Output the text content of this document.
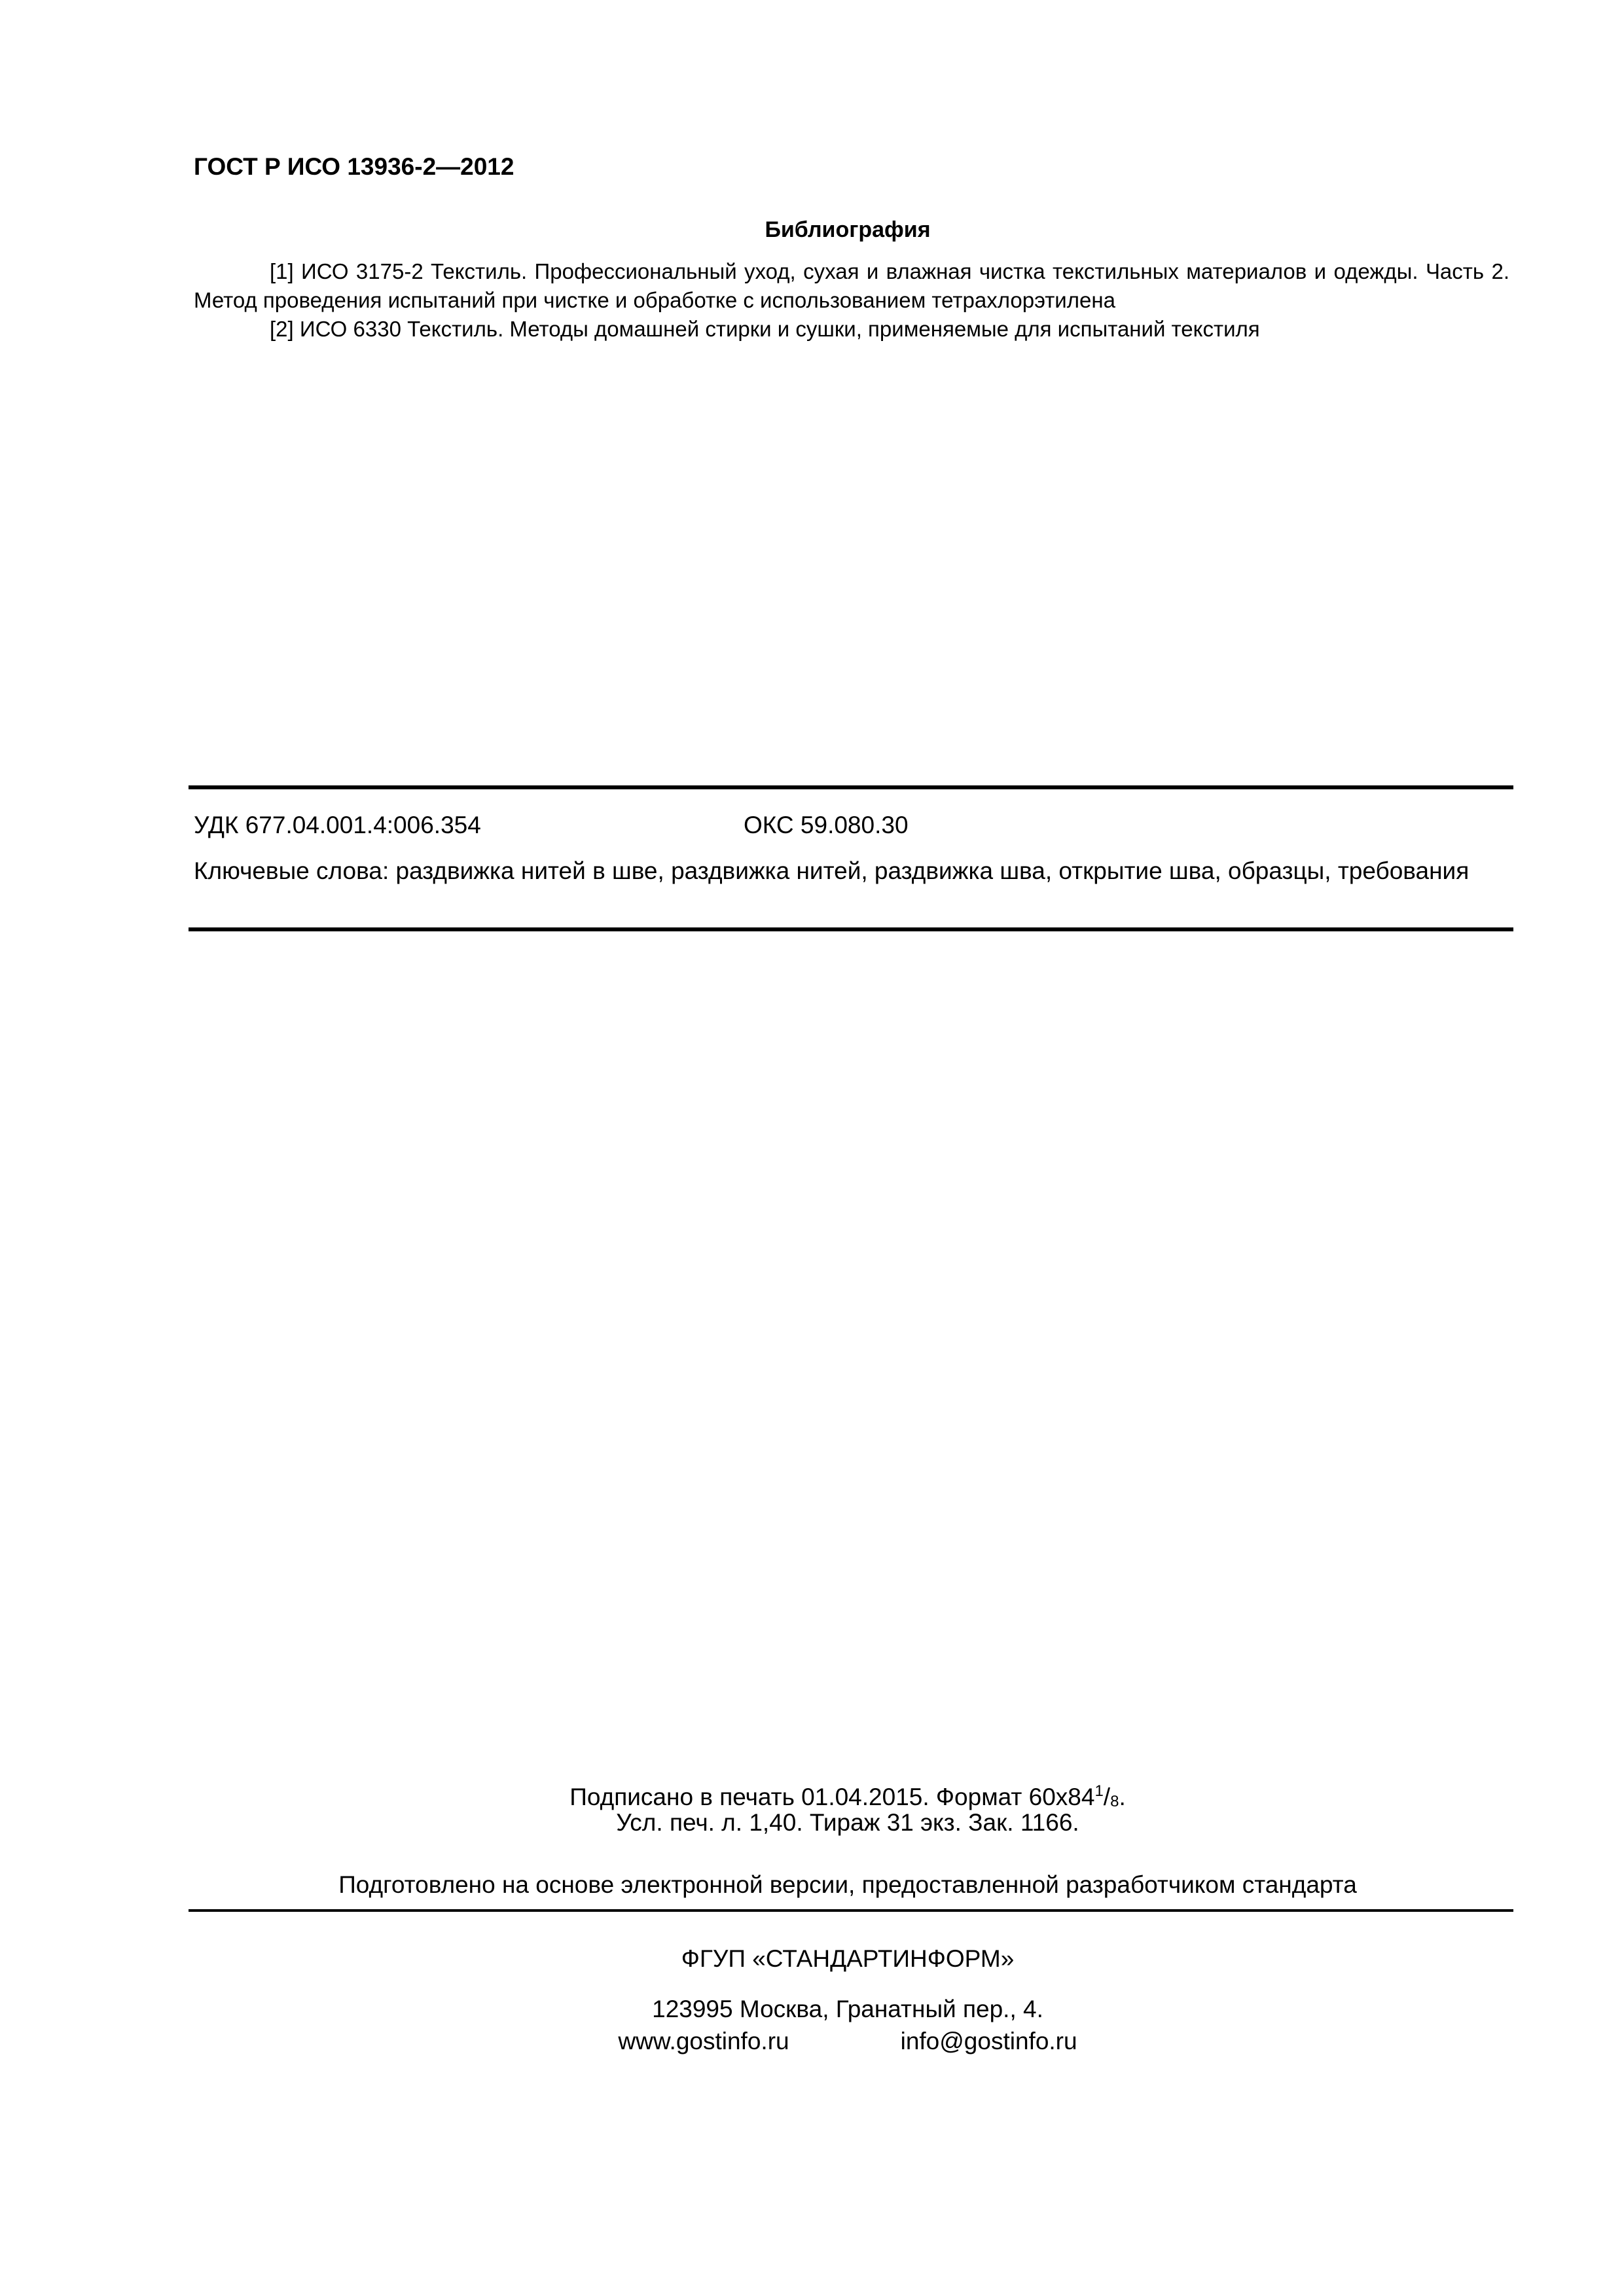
ГОСТ Р ИСО 13936-2—2012
Библиография
[1] ИСО 3175-2 Текстиль. Профессиональный уход, сухая и влажная чистка текстильных материалов и одежды. Часть 2. Метод проведения испытаний при чистке и обработке с использованием тетрахлорэтилена
[2] ИСО 6330 Текстиль. Методы домашней стирки и сушки, применяемые для испытаний текстиля
УДК 677.04.001.4:006.354	ОКС 59.080.30
Ключевые слова: раздвижка нитей в шве, раздвижка нитей, раздвижка шва, открытие шва, образцы, требования
Подписано в печать 01.04.2015. Формат $60х84^1/_8$.
Усл. печ. л. 1,40. Тираж 31 экз. Зак. 1166.
Подготовлено на основе электронной версии, предоставленной разработчиком стандарта
ФГУП «СТАНДАРТИНФОРМ»
123995 Москва, Гранатный пер., 4.
www.gostinfo.ru	info@gostinfo.ru
